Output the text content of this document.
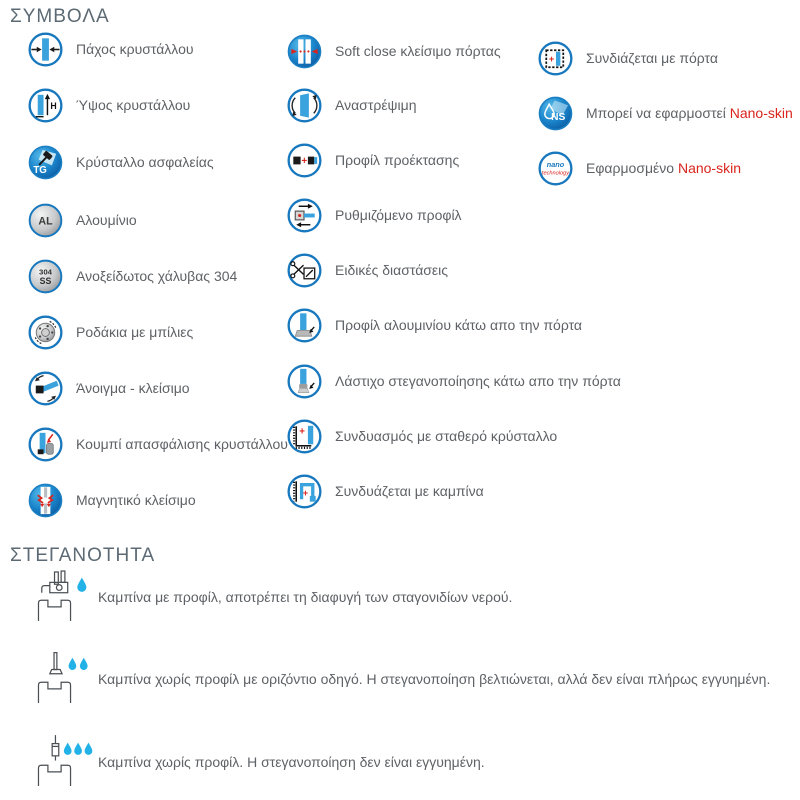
ΣΥΜΒΟΛΑ
Πάχος κρυστάλλου
H Ύψος κρυστάλλου
TG
Κρύσταλλο ασφαλείας
AL Αλουμίνιο
304
SS Ανοξείδωτος χάλυβας 304
Ροδάκια με μπίλιες
Άνοιγμα - κλείσιμο
Κουμπί απασφάλισης κρυστάλλου
Μαγνητικό κλείσιμο
Soft close κλείσιμο πόρτας
Αναστρέψιμη
+ Προφίλ προέκτασης
Ρυθμιζόμενο προφίλ
Ειδικές διαστάσεις
Προφίλ αλουμινίου κάτω απο την πόρτα
Λάστιχο στεγανοποίησης κάτω απο την πόρτα
+ Συνδυασμός με σταθερό κρύσταλλο
+ Συνδυάζεται με καμπίνα
+ Συνδιάζεται με πόρτα
NS Μπορεί να εφαρμοστεί Nano-skin
nano
technology Εφαρμοσμένο Nano-skin
ΣΤΕΓΑΝΟΤΗΤΑ
Καμπίνα με προφίλ, αποτρέπει τη διαφυγή των σταγονιδίων νερού.
Καμπίνα χωρίς προφίλ με οριζόντιο οδηγό. Η στεγανοποίηση βελτιώνεται, αλλά δεν είναι πλήρως εγγυημένη.
Καμπίνα χωρίς προφίλ. Η στεγανοποίηση δεν είναι εγγυημένη.
